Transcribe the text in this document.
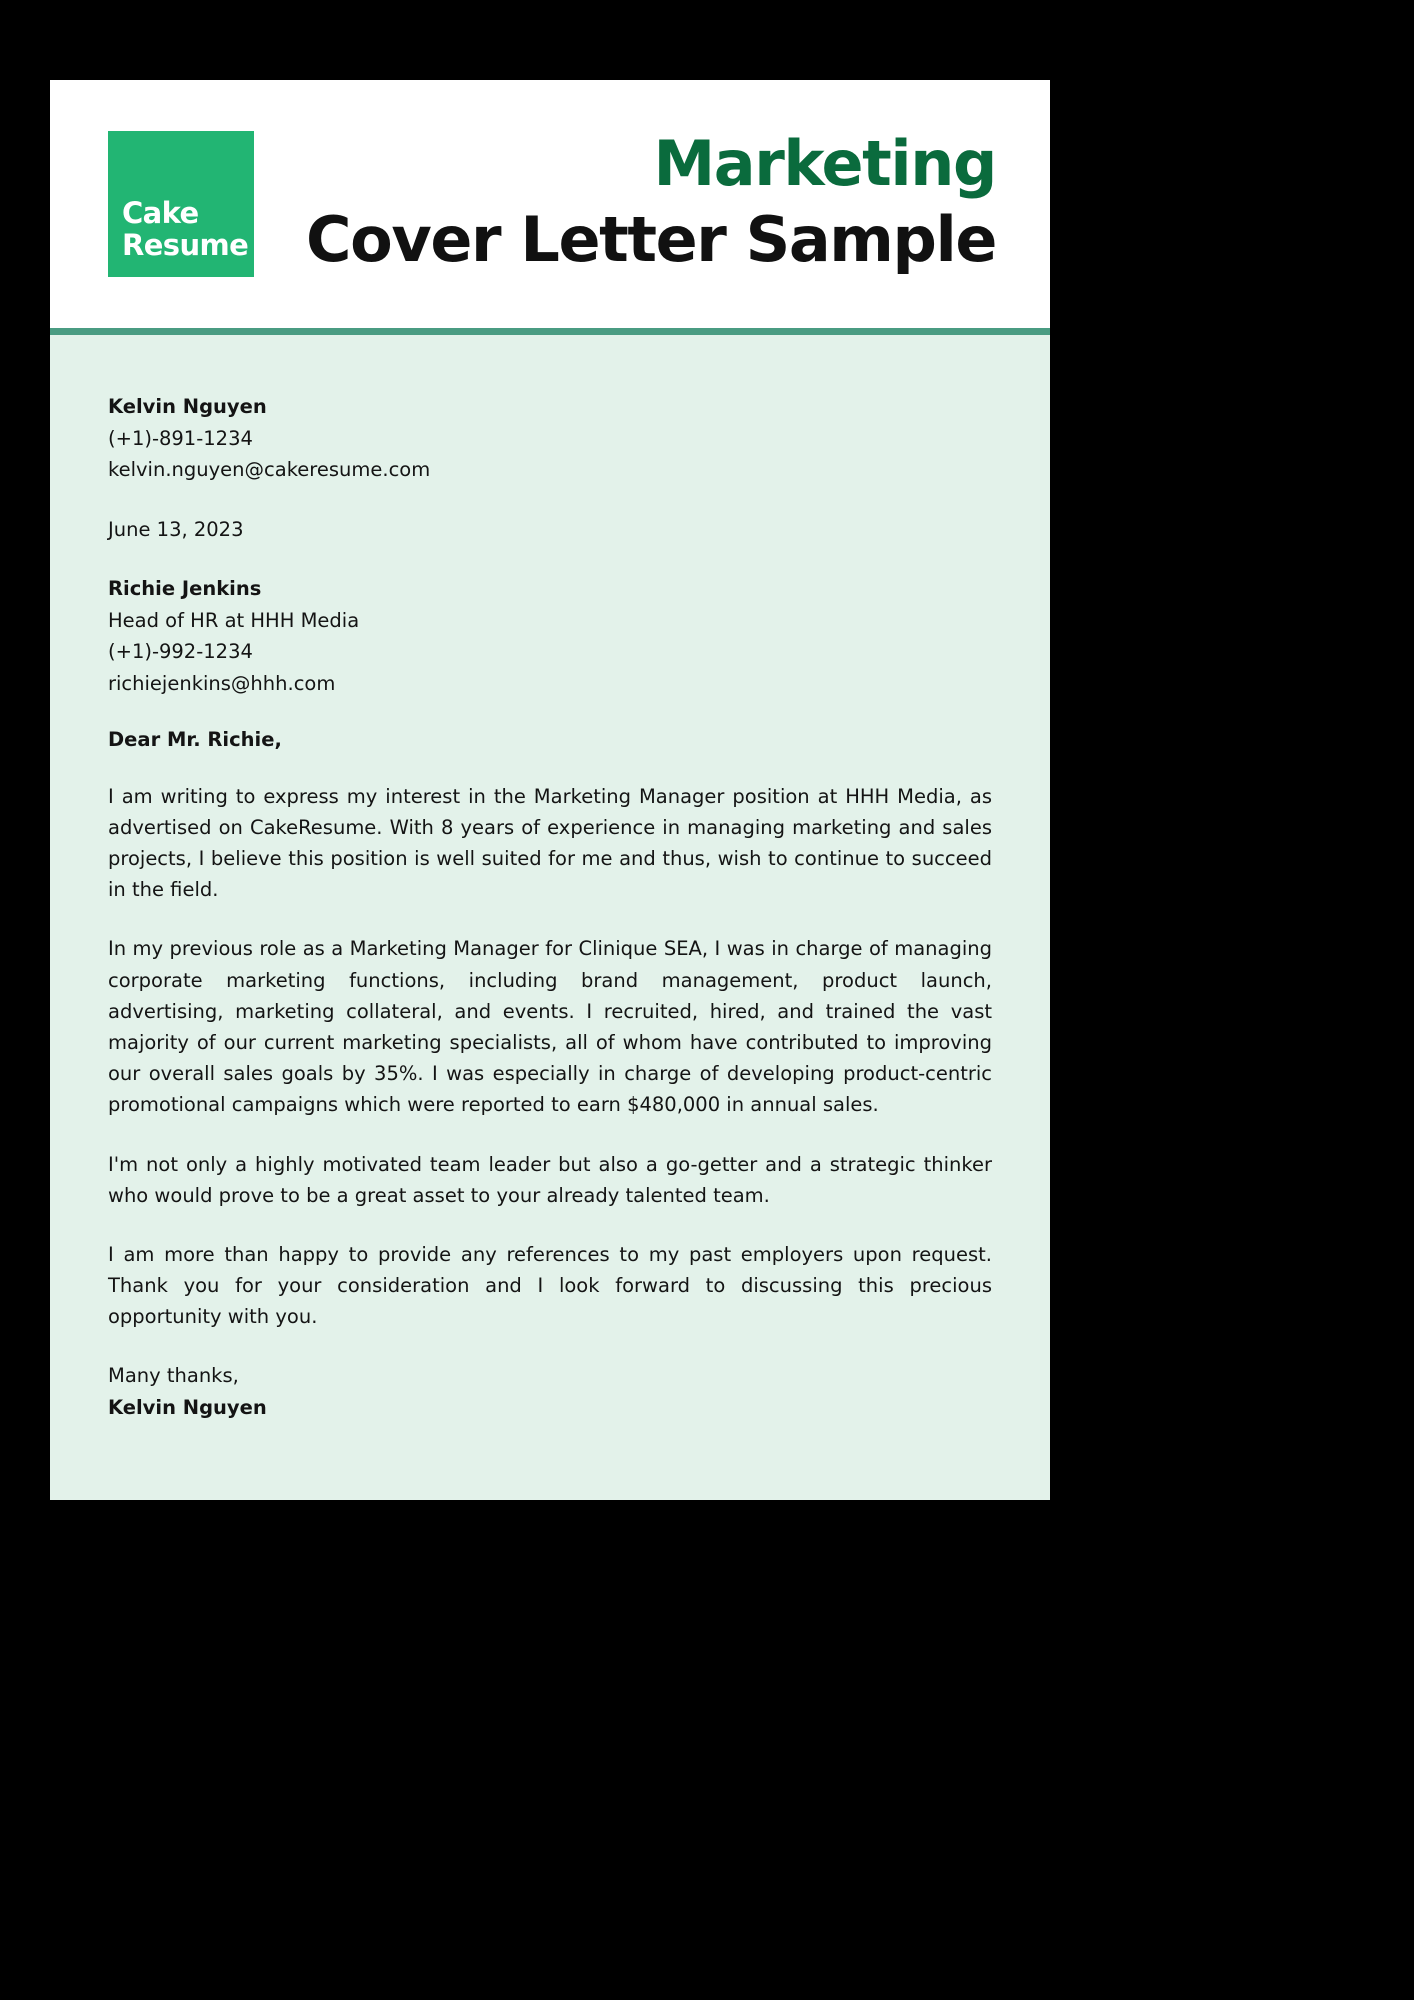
Cake
Resume
Marketing
Cover Letter Sample
Kelvin Nguyen
(+1)-891-1234
kelvin.nguyen@cakeresume.com
June 13, 2023
Richie Jenkins
Head of HR at HHH Media
(+1)-992-1234
richiejenkins@hhh.com
Dear Mr. Richie,

I am writing to express my interest in the Marketing Manager position at HHH Media, as advertised on CakeResume. With 8 years of experience in managing marketing and sales projects, I believe this position is well suited for me and thus, wish to continue to succeed in the field.

In my previous role as a Marketing Manager for Clinique SEA, I was in charge of managing corporate marketing functions, including brand management, product launch, advertising, marketing collateral, and events. I recruited, hired, and trained the vast majority of our current marketing specialists, all of whom have contributed to improving our overall sales goals by 35%. I was especially in charge of developing product-centric promotional campaigns which were reported to earn $480,000 in annual sales.

I'm not only a highly motivated team leader but also a go-getter and a strategic thinker who would prove to be a great asset to your already talented team.

I am more than happy to provide any references to my past employers upon request. Thank you for your consideration and I look forward to discussing this precious opportunity with you.

Many thanks,
Kelvin Nguyen
